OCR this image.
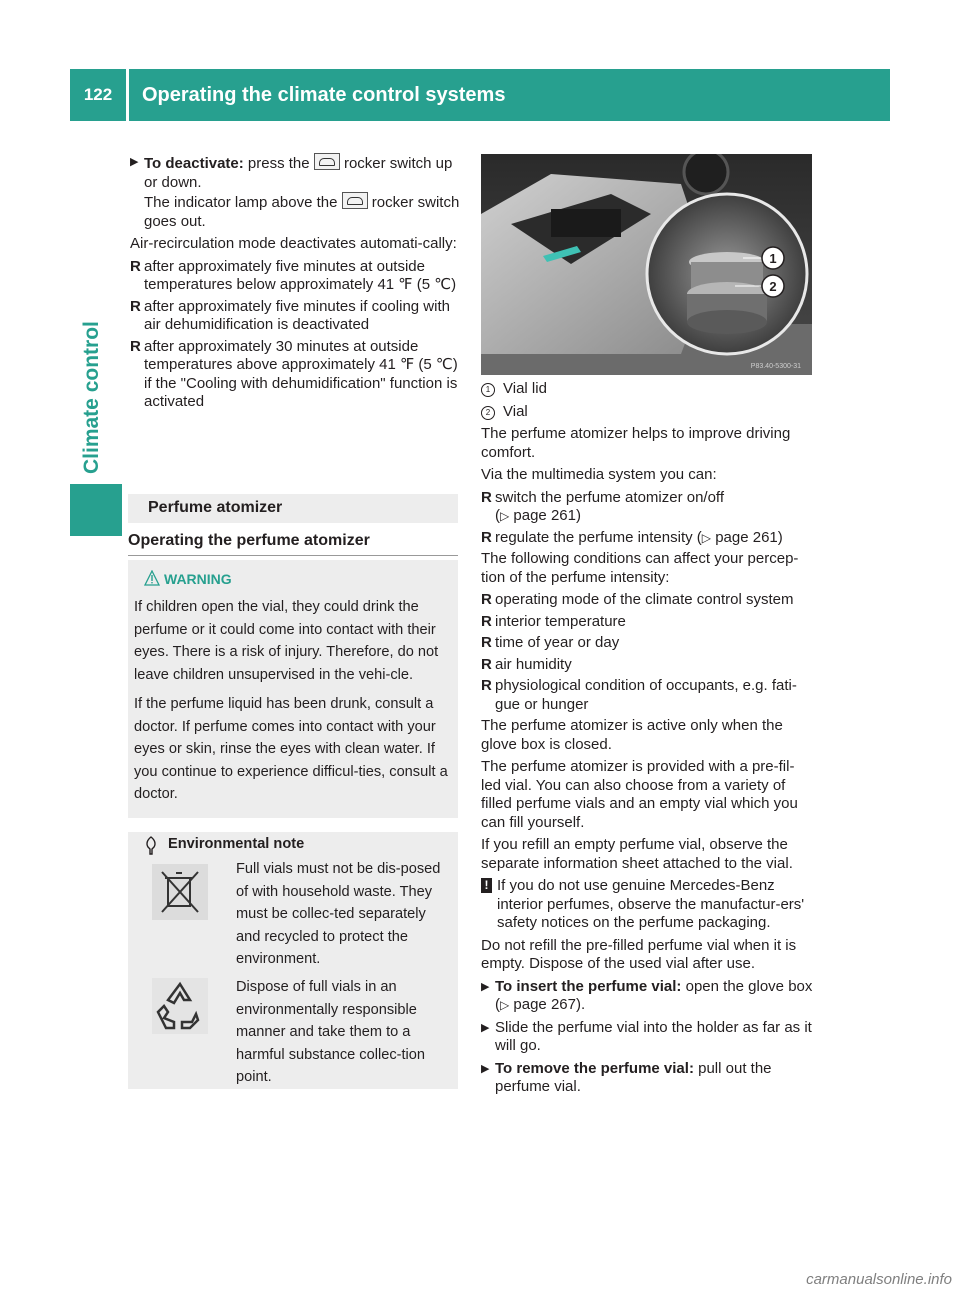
122	Operating the climate control systems
Climate control
▶ To deactivate: press the rocker switch up or down.
The indicator lamp above the rocker switch goes out.

Air-recirculation mode deactivates automati-cally:

R after approximately five minutes at outside temperatures below approximately 41 ℉ (5 ℃)
R after approximately five minutes if cooling with air dehumidification is deactivated
R after approximately 30 minutes at outside temperatures above approximately 41 ℉ (5 ℃) if the "Cooling with dehumidification" function is activated
Perfume atomizer
Operating the perfume atomizer
WARNING

If children open the vial, they could drink the perfume or it could come into contact with their eyes. There is a risk of injury. Therefore, do not leave children unsupervised in the vehi-cle.

If the perfume liquid has been drunk, consult a doctor. If perfume comes into contact with your eyes or skin, rinse the eyes with clean water. If you continue to experience difficul-ties, consult a doctor.

Environmental note
Full vials must not be dis-posed of with household waste. They must be collec-ted separately and recycled to protect the environment.
Dispose of full vials in an environmentally responsible manner and take them to a harmful substance collec-tion point.
1
2
P83.40-5300-31

1 Vial lid

2 Vial

The perfume atomizer helps to improve driving comfort.

Via the multimedia system you can:

R switch the perfume atomizer on/off
(▷ page 261)
R regulate the perfume intensity (▷ page 261)

The following conditions can affect your percep-tion of the perfume intensity:

R operating mode of the climate control system
R interior temperature
R time of year or day
R air humidity
R physiological condition of occupants, e.g. fati-gue or hunger

The perfume atomizer is active only when the glove box is closed.

The perfume atomizer is provided with a pre-fil-led vial. You can also choose from a variety of filled perfume vials and an empty vial which you can fill yourself.

If you refill an empty perfume vial, observe the separate information sheet attached to the vial.

! If you do not use genuine Mercedes-Benz interior perfumes, observe the manufactur-ers' safety notices on the perfume packaging.

Do not refill the pre-filled perfume vial when it is empty. Dispose of the used vial after use.

▶ To insert the perfume vial: open the glove box (▷ page 267).
▶ Slide the perfume vial into the holder as far as it will go.
▶ To remove the perfume vial: pull out the perfume vial.
carmanualsonline.info
